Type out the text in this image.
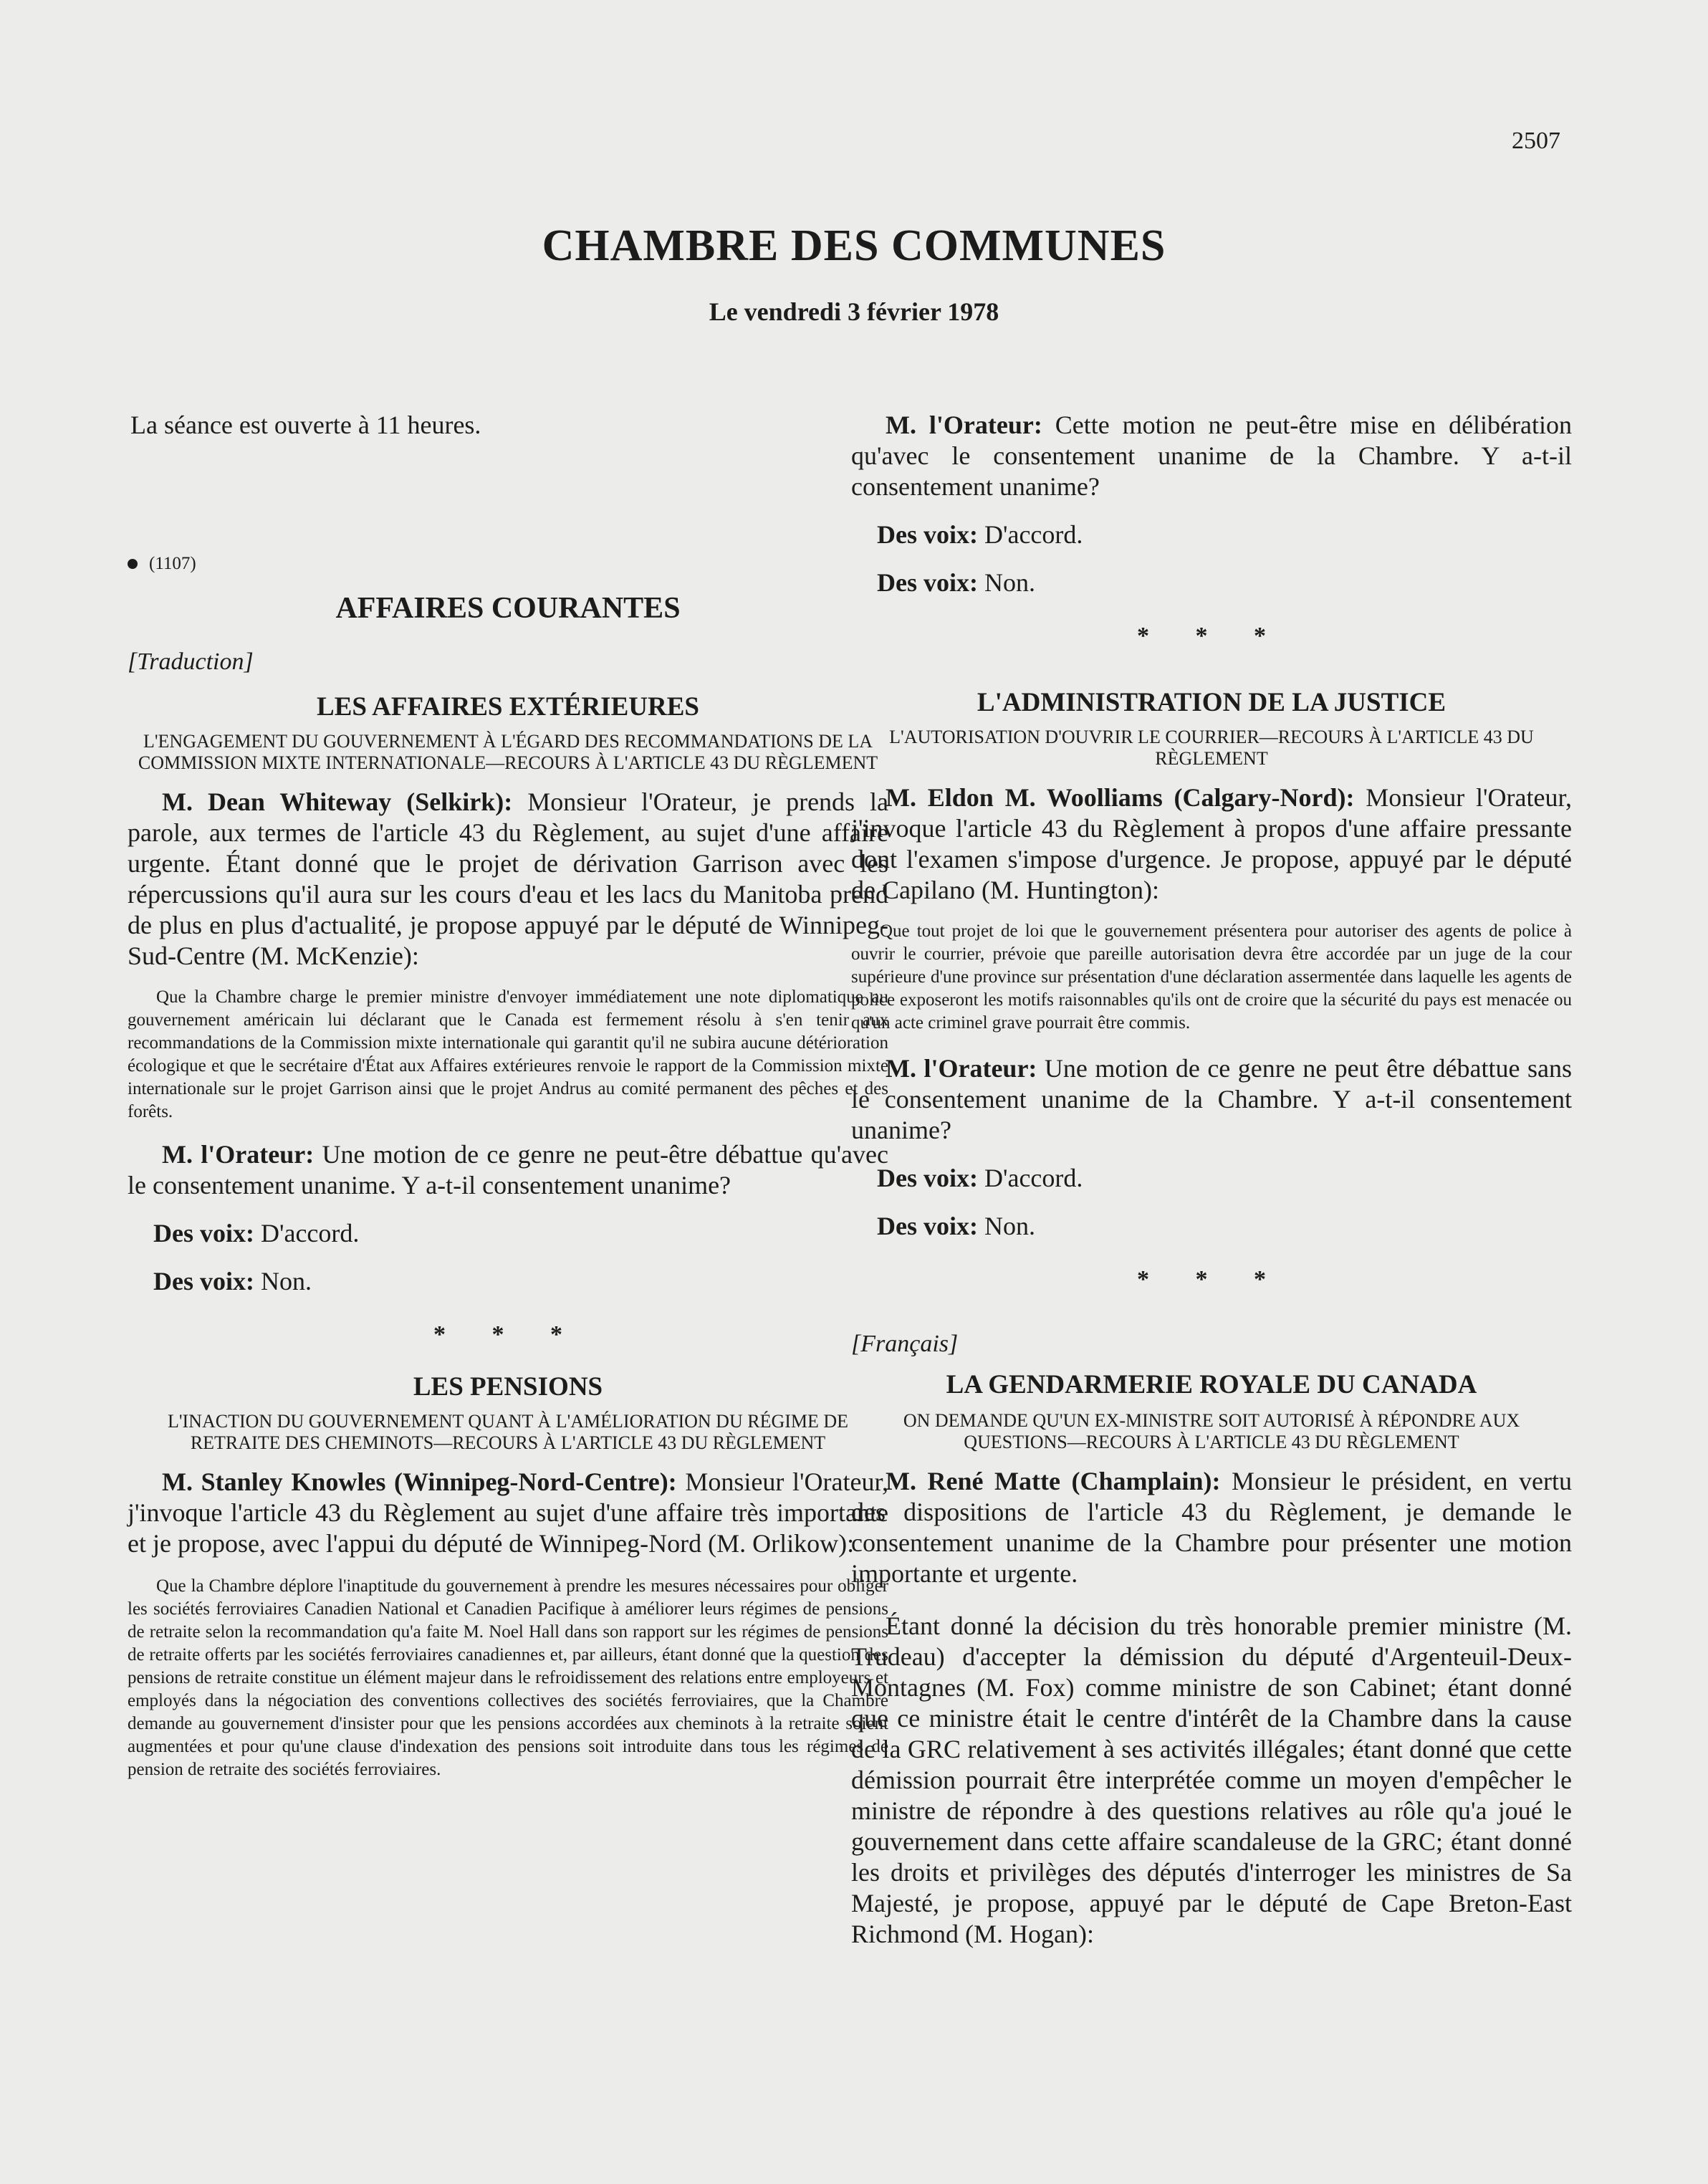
2507
CHAMBRE DES COMMUNES
Le vendredi 3 février 1978

La séance est ouverte à 11 heures.

(1107)
AFFAIRES COURANTES
[Traduction]
LES AFFAIRES EXTÉRIEURES
L'ENGAGEMENT DU GOUVERNEMENT À L'ÉGARD DES RECOMMANDATIONS DE LA COMMISSION MIXTE INTERNATIONALE—RECOURS À L'ARTICLE 43 DU RÈGLEMENT

M. Dean Whiteway (Selkirk): Monsieur l'Orateur, je prends la parole, aux termes de l'article 43 du Règlement, au sujet d'une affaire urgente. Étant donné que le projet de dérivation Garrison avec les répercussions qu'il aura sur les cours d'eau et les lacs du Manitoba prend de plus en plus d'actualité, je propose appuyé par le député de Winnipeg-Sud-Centre (M. McKenzie):

Que la Chambre charge le premier ministre d'envoyer immédiatement une note diplomatique au gouvernement américain lui déclarant que le Canada est fermement résolu à s'en tenir aux recommandations de la Commission mixte internationale qui garantit qu'il ne subira aucune détérioration écologique et que le secrétaire d'État aux Affaires extérieures renvoie le rapport de la Commission mixte internationale sur le projet Garrison ainsi que le projet Andrus au comité permanent des pêches et des forêts.

M. l'Orateur: Une motion de ce genre ne peut-être débattue qu'avec le consentement unanime. Y a-t-il consentement unanime?

Des voix: D'accord.

Des voix: Non.

* * *
LES PENSIONS
L'INACTION DU GOUVERNEMENT QUANT À L'AMÉLIORATION DU RÉGIME DE RETRAITE DES CHEMINOTS—RECOURS À L'ARTICLE 43 DU RÈGLEMENT

M. Stanley Knowles (Winnipeg-Nord-Centre): Monsieur l'Orateur, j'invoque l'article 43 du Règlement au sujet d'une affaire très importante et je propose, avec l'appui du député de Winnipeg-Nord (M. Orlikow):

Que la Chambre déplore l'inaptitude du gouvernement à prendre les mesures nécessaires pour obliger les sociétés ferroviaires Canadien National et Canadien Pacifique à améliorer leurs régimes de pensions de retraite selon la recommandation qu'a faite M. Noel Hall dans son rapport sur les régimes de pensions de retraite offerts par les sociétés ferroviaires canadiennes et, par ailleurs, étant donné que la question des pensions de retraite constitue un élément majeur dans le refroidissement des relations entre employeurs et employés dans la négociation des conventions collectives des sociétés ferroviaires, que la Chambre demande au gouvernement d'insister pour que les pensions accordées aux cheminots à la retraite soient augmentées et pour qu'une clause d'indexation des pensions soit introduite dans tous les régimes de pension de retraite des sociétés ferroviaires.

M. l'Orateur: Cette motion ne peut-être mise en délibération qu'avec le consentement unanime de la Chambre. Y a-t-il consentement unanime?

Des voix: D'accord.

Des voix: Non.

* * *
L'ADMINISTRATION DE LA JUSTICE
L'AUTORISATION D'OUVRIR LE COURRIER—RECOURS À L'ARTICLE 43 DU RÈGLEMENT

M. Eldon M. Woolliams (Calgary-Nord): Monsieur l'Orateur, j'invoque l'article 43 du Règlement à propos d'une affaire pressante dont l'examen s'impose d'urgence. Je propose, appuyé par le député de Capilano (M. Huntington):

Que tout projet de loi que le gouvernement présentera pour autoriser des agents de police à ouvrir le courrier, prévoie que pareille autorisation devra être accordée par un juge de la cour supérieure d'une province sur présentation d'une déclaration assermentée dans laquelle les agents de police exposeront les motifs raisonnables qu'ils ont de croire que la sécurité du pays est menacée ou qu'un acte criminel grave pourrait être commis.

M. l'Orateur: Une motion de ce genre ne peut être débattue sans le consentement unanime de la Chambre. Y a-t-il consentement unanime?

Des voix: D'accord.

Des voix: Non.

* * *
[Français]
LA GENDARMERIE ROYALE DU CANADA
ON DEMANDE QU'UN EX-MINISTRE SOIT AUTORISÉ À RÉPONDRE AUX QUESTIONS—RECOURS À L'ARTICLE 43 DU RÈGLEMENT

M. René Matte (Champlain): Monsieur le président, en vertu des dispositions de l'article 43 du Règlement, je demande le consentement unanime de la Chambre pour présenter une motion importante et urgente.

Étant donné la décision du très honorable premier ministre (M. Trudeau) d'accepter la démission du député d'Argenteuil-Deux-Montagnes (M. Fox) comme ministre de son Cabinet; étant donné que ce ministre était le centre d'intérêt de la Chambre dans la cause de la GRC relativement à ses activités illégales; étant donné que cette démission pourrait être interprétée comme un moyen d'empêcher le ministre de répondre à des questions relatives au rôle qu'a joué le gouvernement dans cette affaire scandaleuse de la GRC; étant donné les droits et privilèges des députés d'interroger les ministres de Sa Majesté, je propose, appuyé par le député de Cape Breton-East Richmond (M. Hogan):
